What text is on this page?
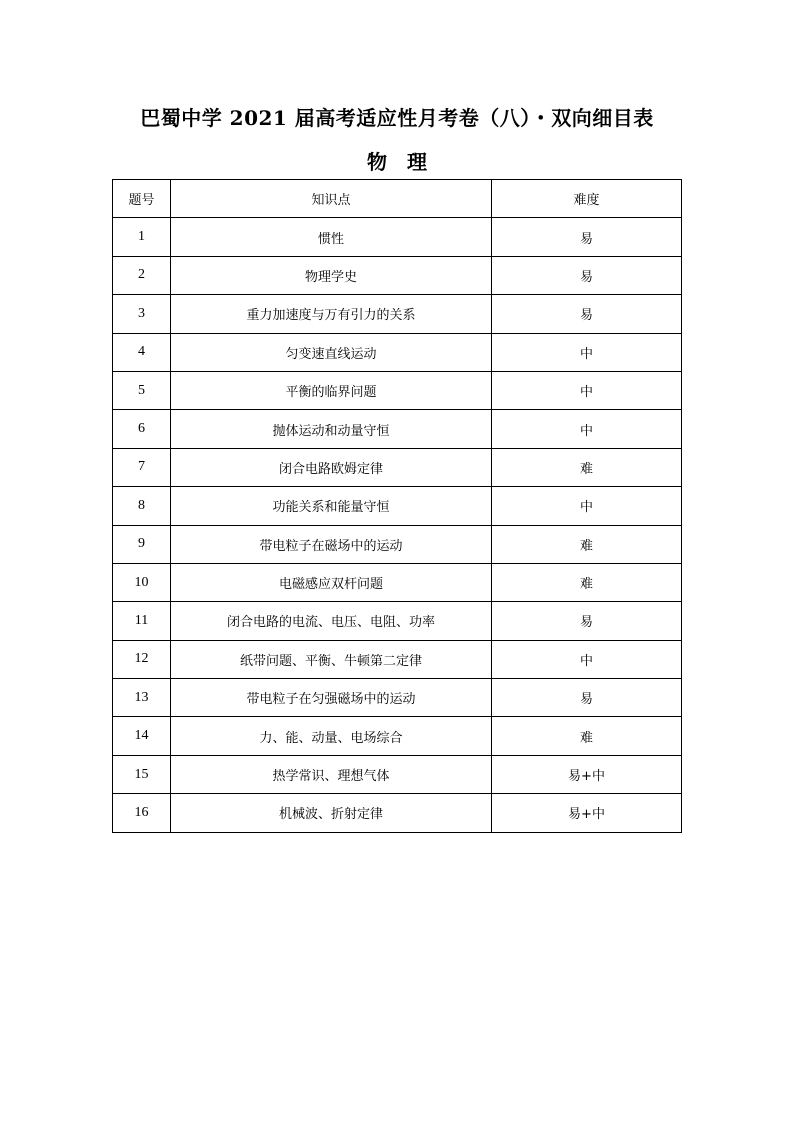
巴蜀中学 2021 届高考适应性月考卷（八）・双向细目表
物　理
题号	知识点	难度
1	惯性	易
2	物理学史	易
3	重力加速度与万有引力的关系	易
4	匀变速直线运动	中
5	平衡的临界问题	中
6	抛体运动和动量守恒	中
7	闭合电路欧姆定律	难
8	功能关系和能量守恒	中
9	带电粒子在磁场中的运动	难
10	电磁感应双杆问题	难
11	闭合电路的电流、电压、电阻、功率	易
12	纸带问题、平衡、牛顿第二定律	中
13	带电粒子在匀强磁场中的运动	易
14	力、能、动量、电场综合	难
15	热学常识、理想气体	易+中
16	机械波、折射定律	易+中
